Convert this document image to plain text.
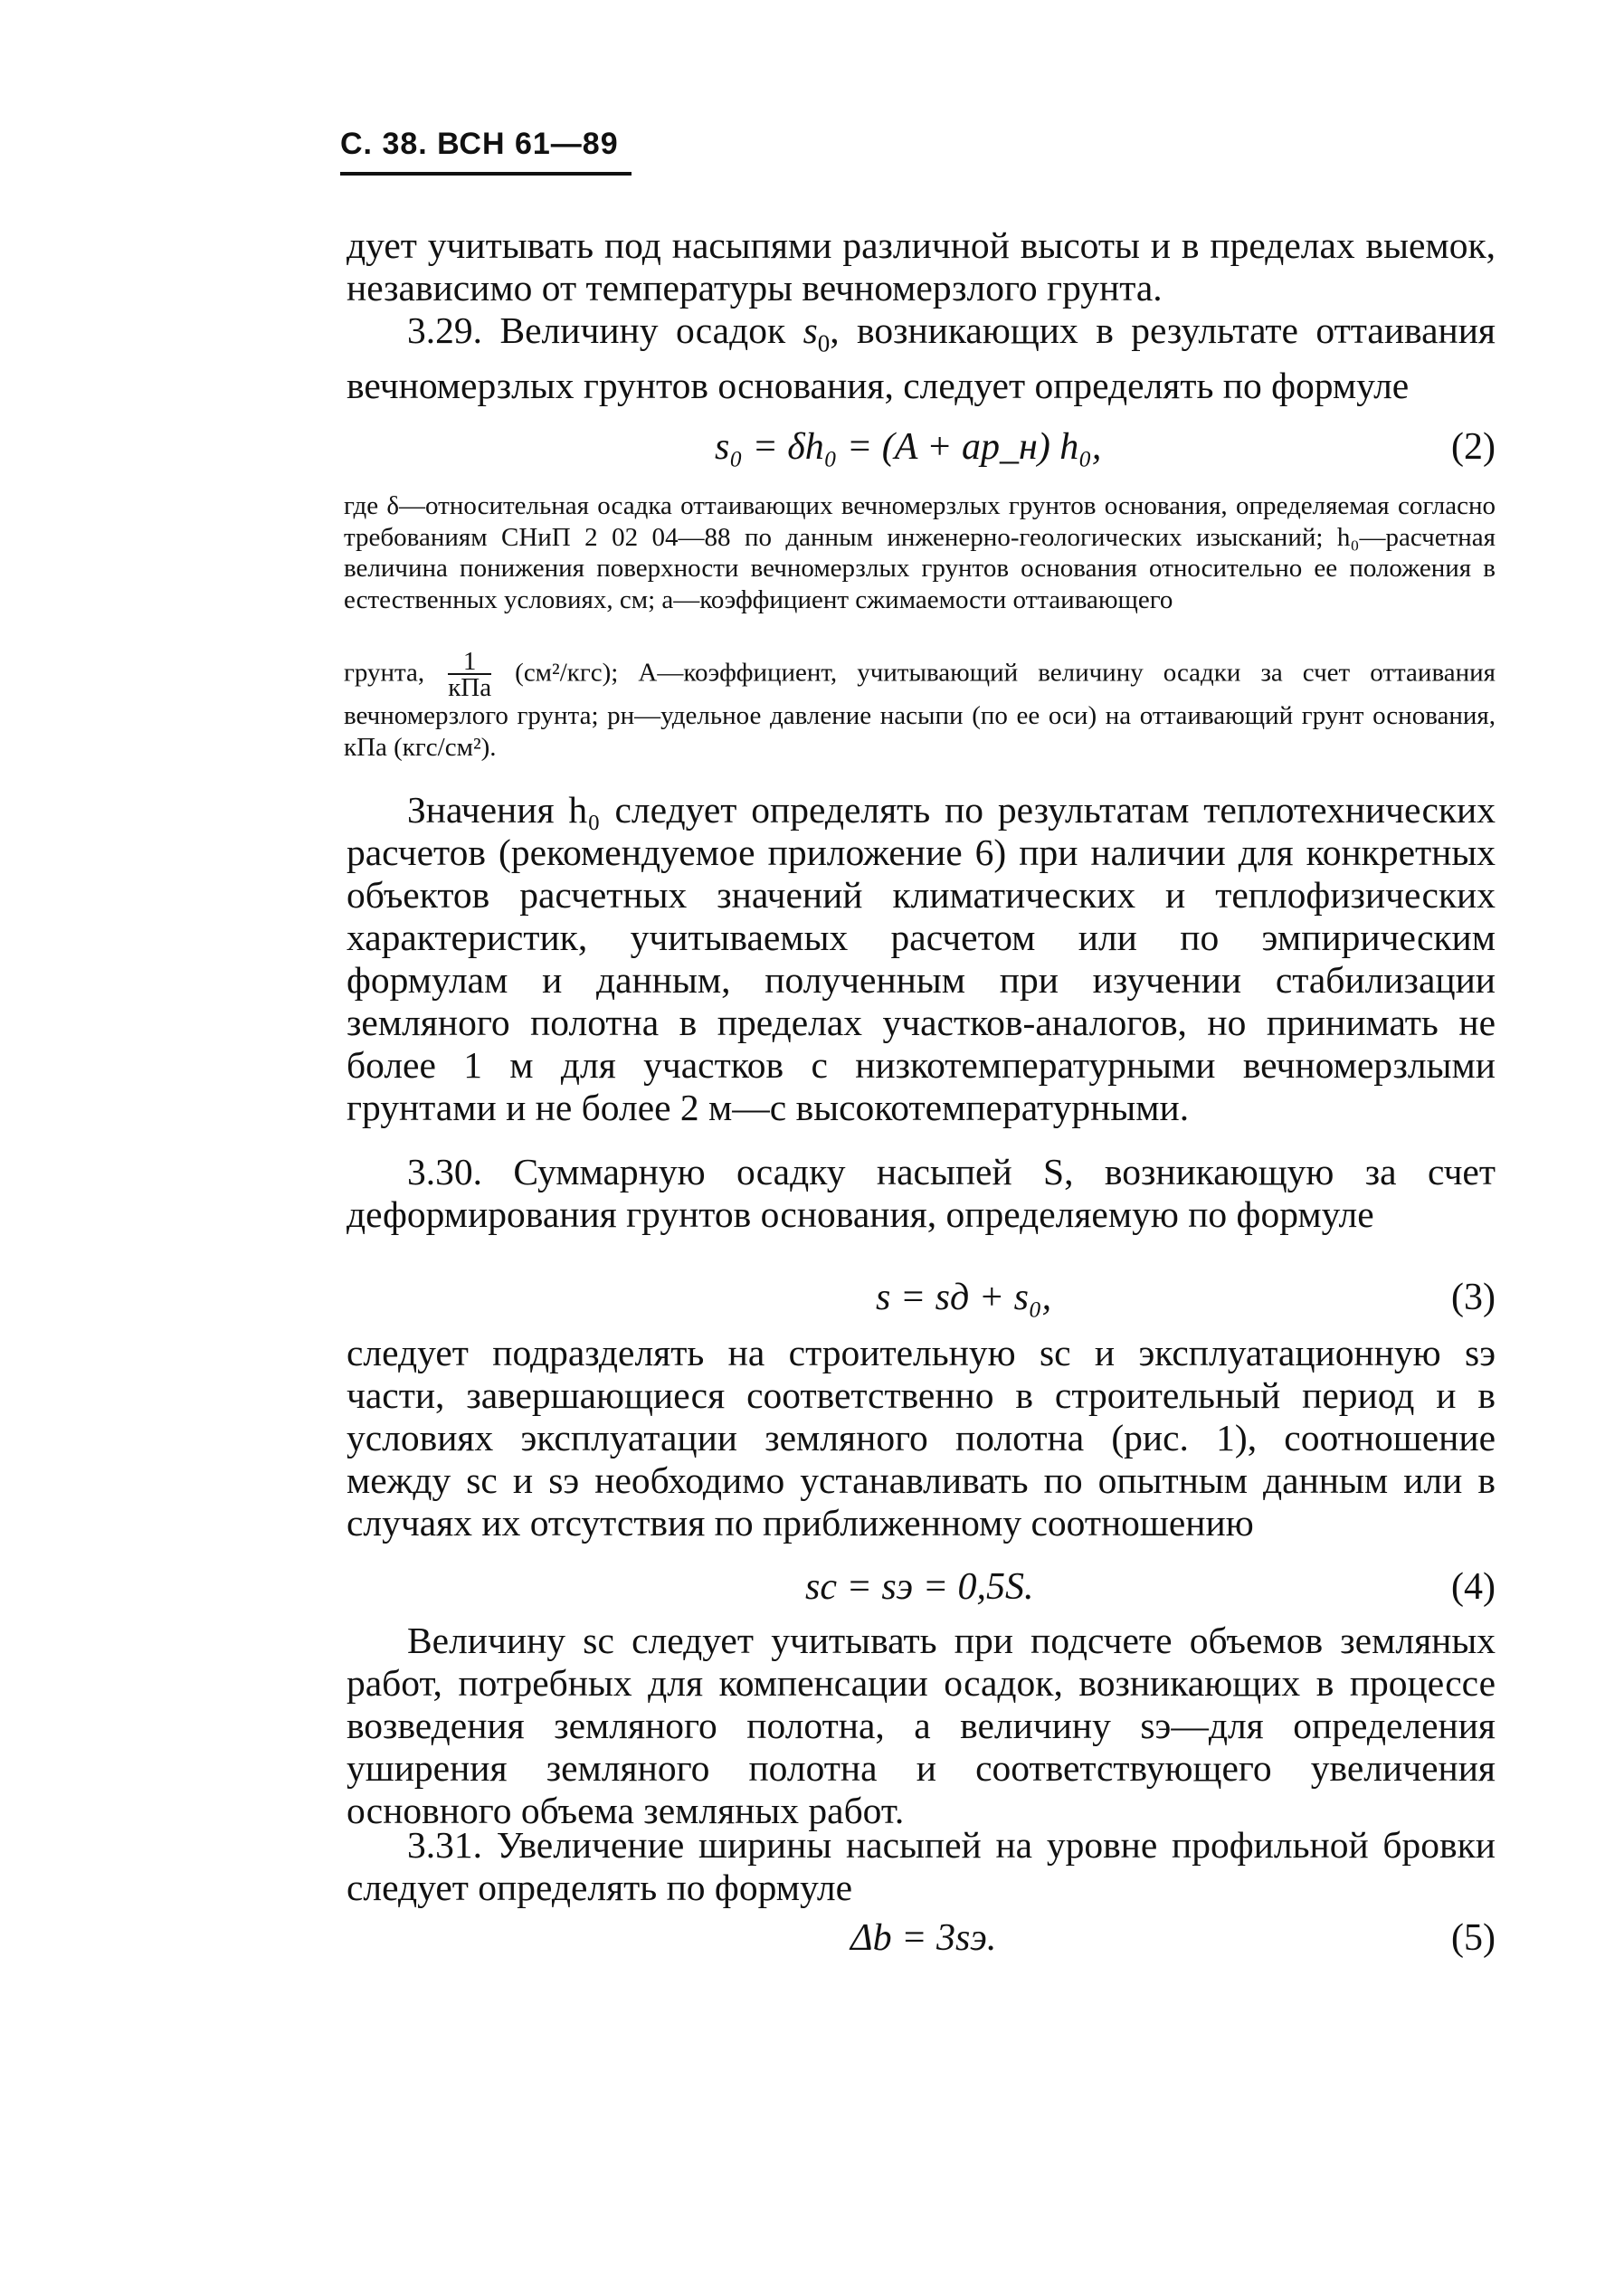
С. 38. ВСН 61—89

дует учитывать под насыпями различной высоты и в пределах выемок, независимо от температуры вечномерзлого грунта.

3.29. Величину осадок $s_0$, возникающих в результате оттаивания вечномерзлых грунтов основания, следует определять по формуле

s₀ = δh₀ = (A + ap_н) h₀,	(2)

где δ—относительная осадка оттаивающих вечномерзлых грунтов основания, определяемая согласно требованиям СНиП 2 02 04—88 по данным инженерно-геологических изысканий; h₀—расчетная величина понижения поверхности вечномерзлых грунтов основания относительно ее положения в естественных условиях, см; а—коэффициент сжимаемости оттаивающего

грунта, $\frac{1}{\text{кПа}} (см^2/кгс)$; А—коэффициент, учитывающий величину осадки за счет оттаивания вечномерзлого грунта; pн—удельное давление насыпи (по ее оси) на оттаивающий грунт основания, кПа (кгс/см²).

Значения h₀ следует определять по результатам теплотехнических расчетов (рекомендуемое приложение 6) при наличии для конкретных объектов расчетных значений климатических и теплофизических характеристик, учитываемых расчетом или по эмпирическим формулам и данным, полученным при изучении стабилизации земляного полотна в пределах участков-аналогов, но принимать не более 1 м для участков с низкотемпературными вечномерзлыми грунтами и не более 2 м—с высокотемпературными.

3.30. Суммарную осадку насыпей S, возникающую за счет деформирования грунтов основания, определяемую по формуле

s = sд + s₀,	(3)

следует подразделять на строительную sс и эксплуатационную sэ части, завершающиеся соответственно в строительный период и в условиях эксплуатации земляного полотна (рис. 1), соотношение между sс и sэ необходимо устанавливать по опытным данным или в случаях их отсутствия по приближенному соотношению

sс = sэ = 0,5S.	(4)

Величину sс следует учитывать при подсчете объемов земляных работ, потребных для компенсации осадок, возникающих в процессе возведения земляного полотна, а величину sэ—для определения уширения земляного полотна и соответствующего увеличения основного объема земляных работ.

3.31. Увеличение ширины насыпей на уровне профильной бровки следует определять по формуле

Δb = 3sэ.	(5)
